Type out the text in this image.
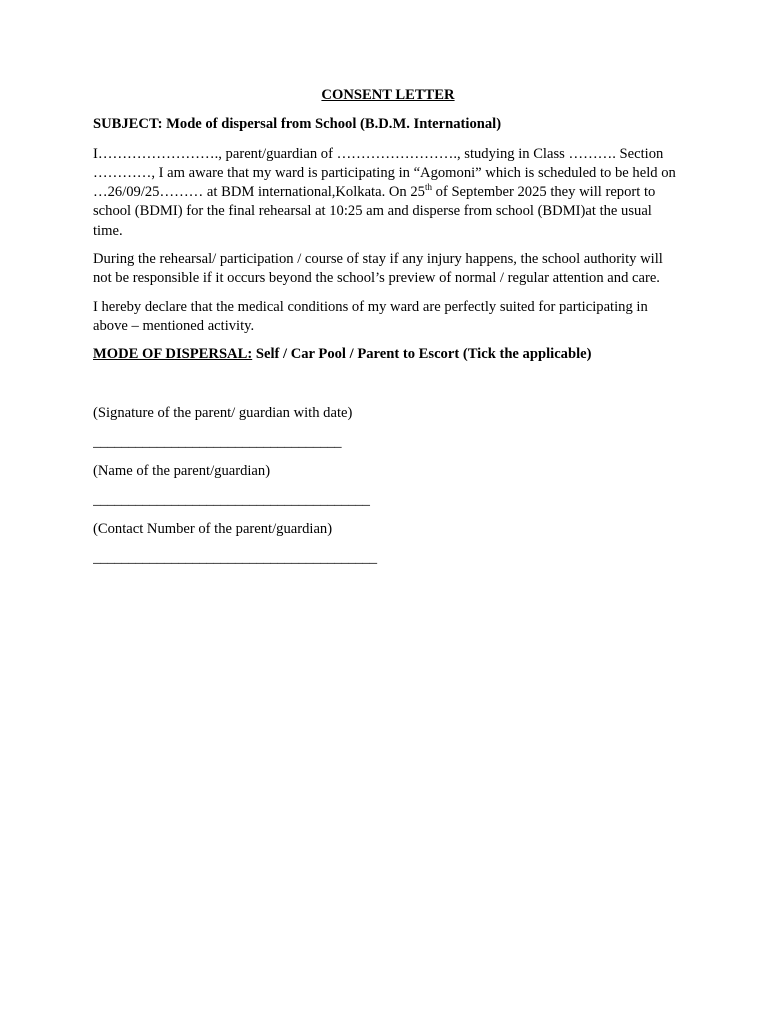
CONSENT LETTER
SUBJECT: Mode of dispersal from School (B.D.M. International)

I……………………., parent/guardian of ……………………., studying in Class ………. Section …………, I am aware that my ward is participating in “Agomoni” which is scheduled to be held on …26/09/25……… at BDM international,Kolkata. On 25th of September 2025 they will report to school (BDMI) for the final rehearsal at 10:25 am and disperse from school (BDMI)at the usual time.

During the rehearsal/ participation / course of stay if any injury happens, the school authority will not be responsible if it occurs beyond the school’s preview of normal / regular attention and care.

I hereby declare that the medical conditions of my ward are perfectly suited for participating in above – mentioned activity.

MODE OF DISPERSAL: Self / Car Pool / Parent to Escort (Tick the applicable)
(Signature of the parent/ guardian with date)
___________________________________
(Name of the parent/guardian)
_______________________________________
(Contact Number of the parent/guardian)
________________________________________
